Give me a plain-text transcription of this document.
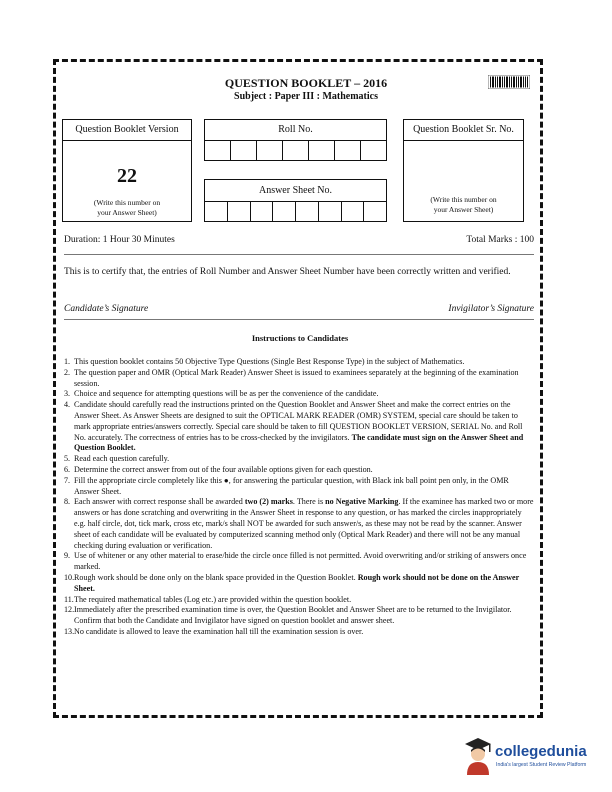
QUESTION BOOKLET – 2016
Subject : Paper III : Mathematics
Question Booklet Version
22
(Write this number on
your Answer Sheet)
Roll No.
Answer Sheet No.
Question Booklet Sr. No.
(Write this number on
your Answer Sheet)
Duration: 1 Hour 30 Minutes	Total Marks : 100
This is to certify that, the entries of Roll Number and Answer Sheet Number have been correctly written and verified.
Candidate’s Signature	Invigilator’s Signature
Instructions to Candidates
1. This question booklet contains 50 Objective Type Questions (Single Best Response Type) in the subject of Mathematics.
2. The question paper and OMR (Optical Mark Reader) Answer Sheet is issued to examinees separately at the beginning of the examination session.
3. Choice and sequence for attempting questions will be as per the convenience of the candidate.
4. Candidate should carefully read the instructions printed on the Question Booklet and Answer Sheet and make the correct entries on the Answer Sheet. As Answer Sheets are designed to suit the OPTICAL MARK READER (OMR) SYSTEM, special care should be taken to mark appropriate entries/answers correctly. Special care should be taken to fill QUESTION BOOKLET VERSION, SERIAL No. and Roll No. accurately. The correctness of entries has to be cross-checked by the invigilators. The candidate must sign on the Answer Sheet and Question Booklet.
5. Read each question carefully.
6. Determine the correct answer from out of the four available options given for each question.
7. Fill the appropriate circle completely like this ●, for answering the particular question, with Black ink ball point pen only, in the OMR Answer Sheet.
8. Each answer with correct response shall be awarded two (2) marks. There is no Negative Marking. If the examinee has marked two or more answers or has done scratching and overwriting in the Answer Sheet in response to any question, or has marked the circles inappropriately e.g. half circle, dot, tick mark, cross etc, mark/s shall NOT be awarded for such answer/s, as these may not be read by the scanner. Answer sheet of each candidate will be evaluated by computerized scanning method only (Optical Mark Reader) and there will not be any manual checking during evaluation or verification.
9. Use of whitener or any other material to erase/hide the circle once filled is not permitted. Avoid overwriting and/or striking of answers once marked.
10. Rough work should be done only on the blank space provided in the Question Booklet. Rough work should not be done on the Answer Sheet.
11. The required mathematical tables (Log etc.) are provided within the question booklet.
12. Immediately after the prescribed examination time is over, the Question Booklet and Answer Sheet are to be returned to the Invigilator. Confirm that both the Candidate and Invigilator have signed on question booklet and answer sheet.
13. No candidate is allowed to leave the examination hall till the examination session is over.
collegedunia
India's largest Student Review Platform
